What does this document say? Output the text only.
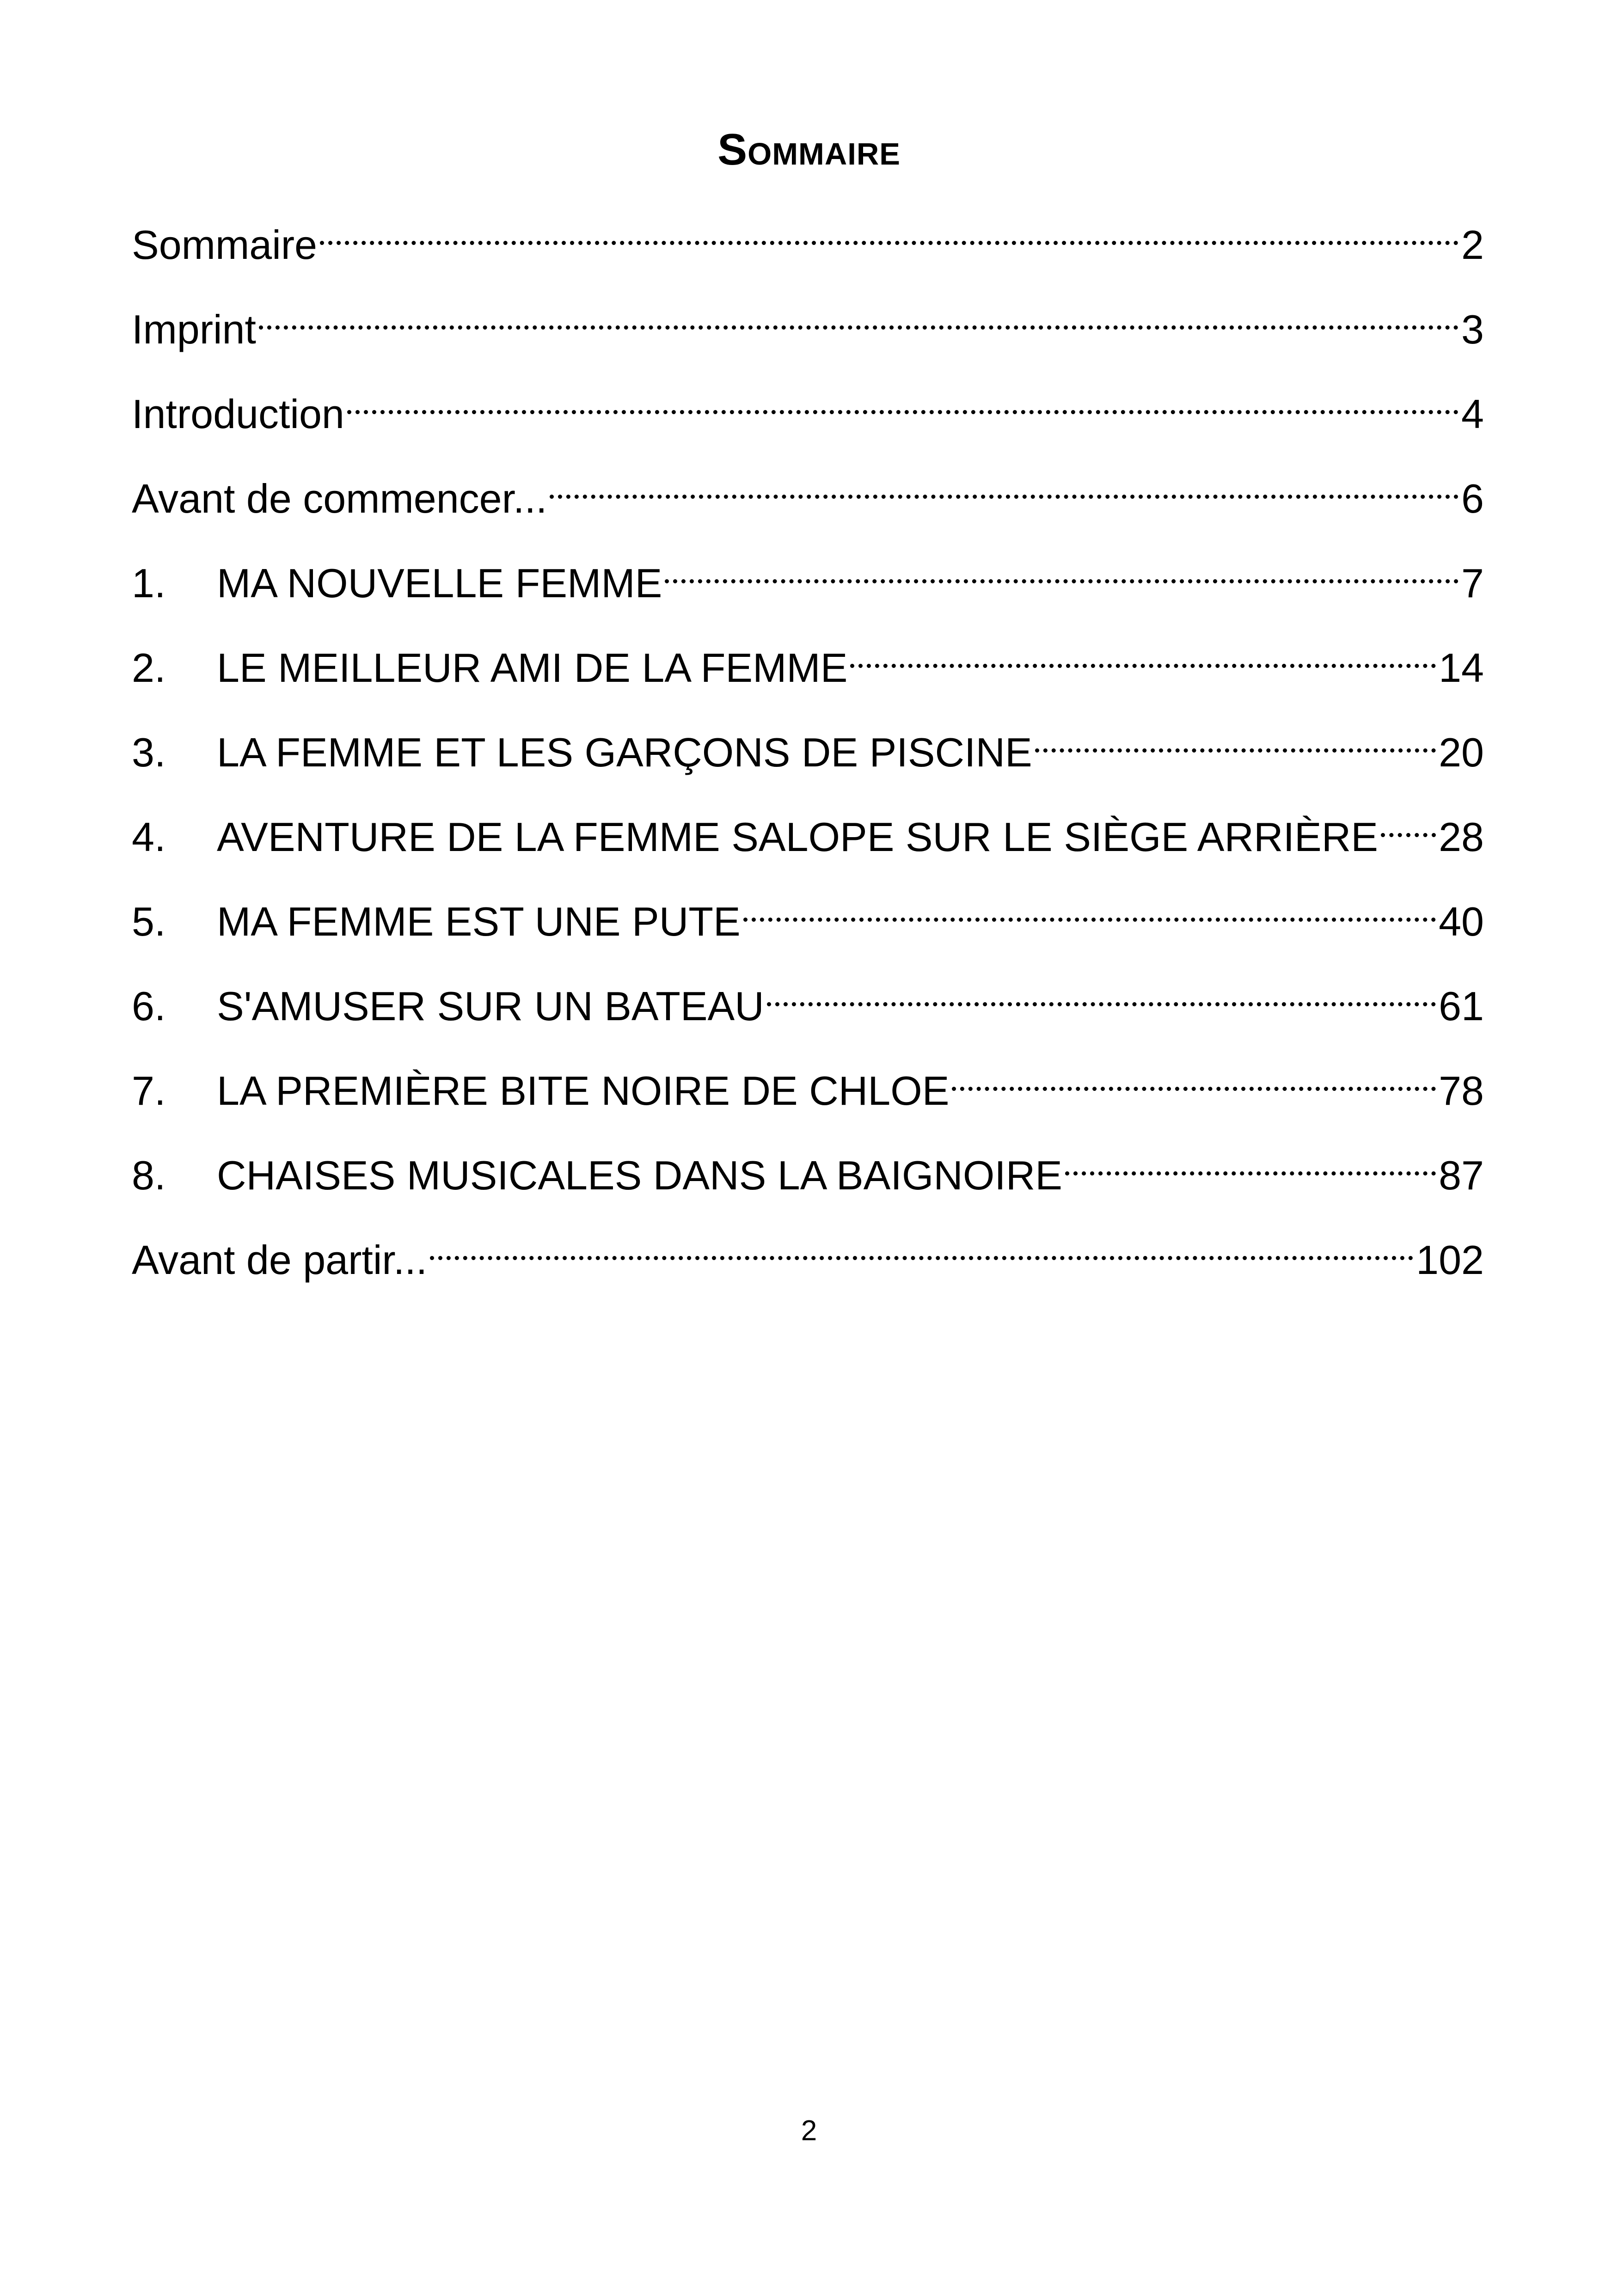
Sommaire
Sommaire	2
Imprint	3
Introduction	4
Avant de commencer...	6
1.	MA NOUVELLE FEMME	7
2.	LE MEILLEUR AMI DE LA FEMME	14
3.	LA FEMME ET LES GARÇONS DE PISCINE	20
4.	AVENTURE DE LA FEMME SALOPE SUR LE SIÈGE ARRIÈRE 28
5.	MA FEMME EST UNE PUTE	40
6.	S'AMUSER SUR UN BATEAU	61
7.	LA PREMIÈRE BITE NOIRE DE CHLOE	78
8.	CHAISES MUSICALES DANS LA BAIGNOIRE	87
Avant de partir...	102
2
